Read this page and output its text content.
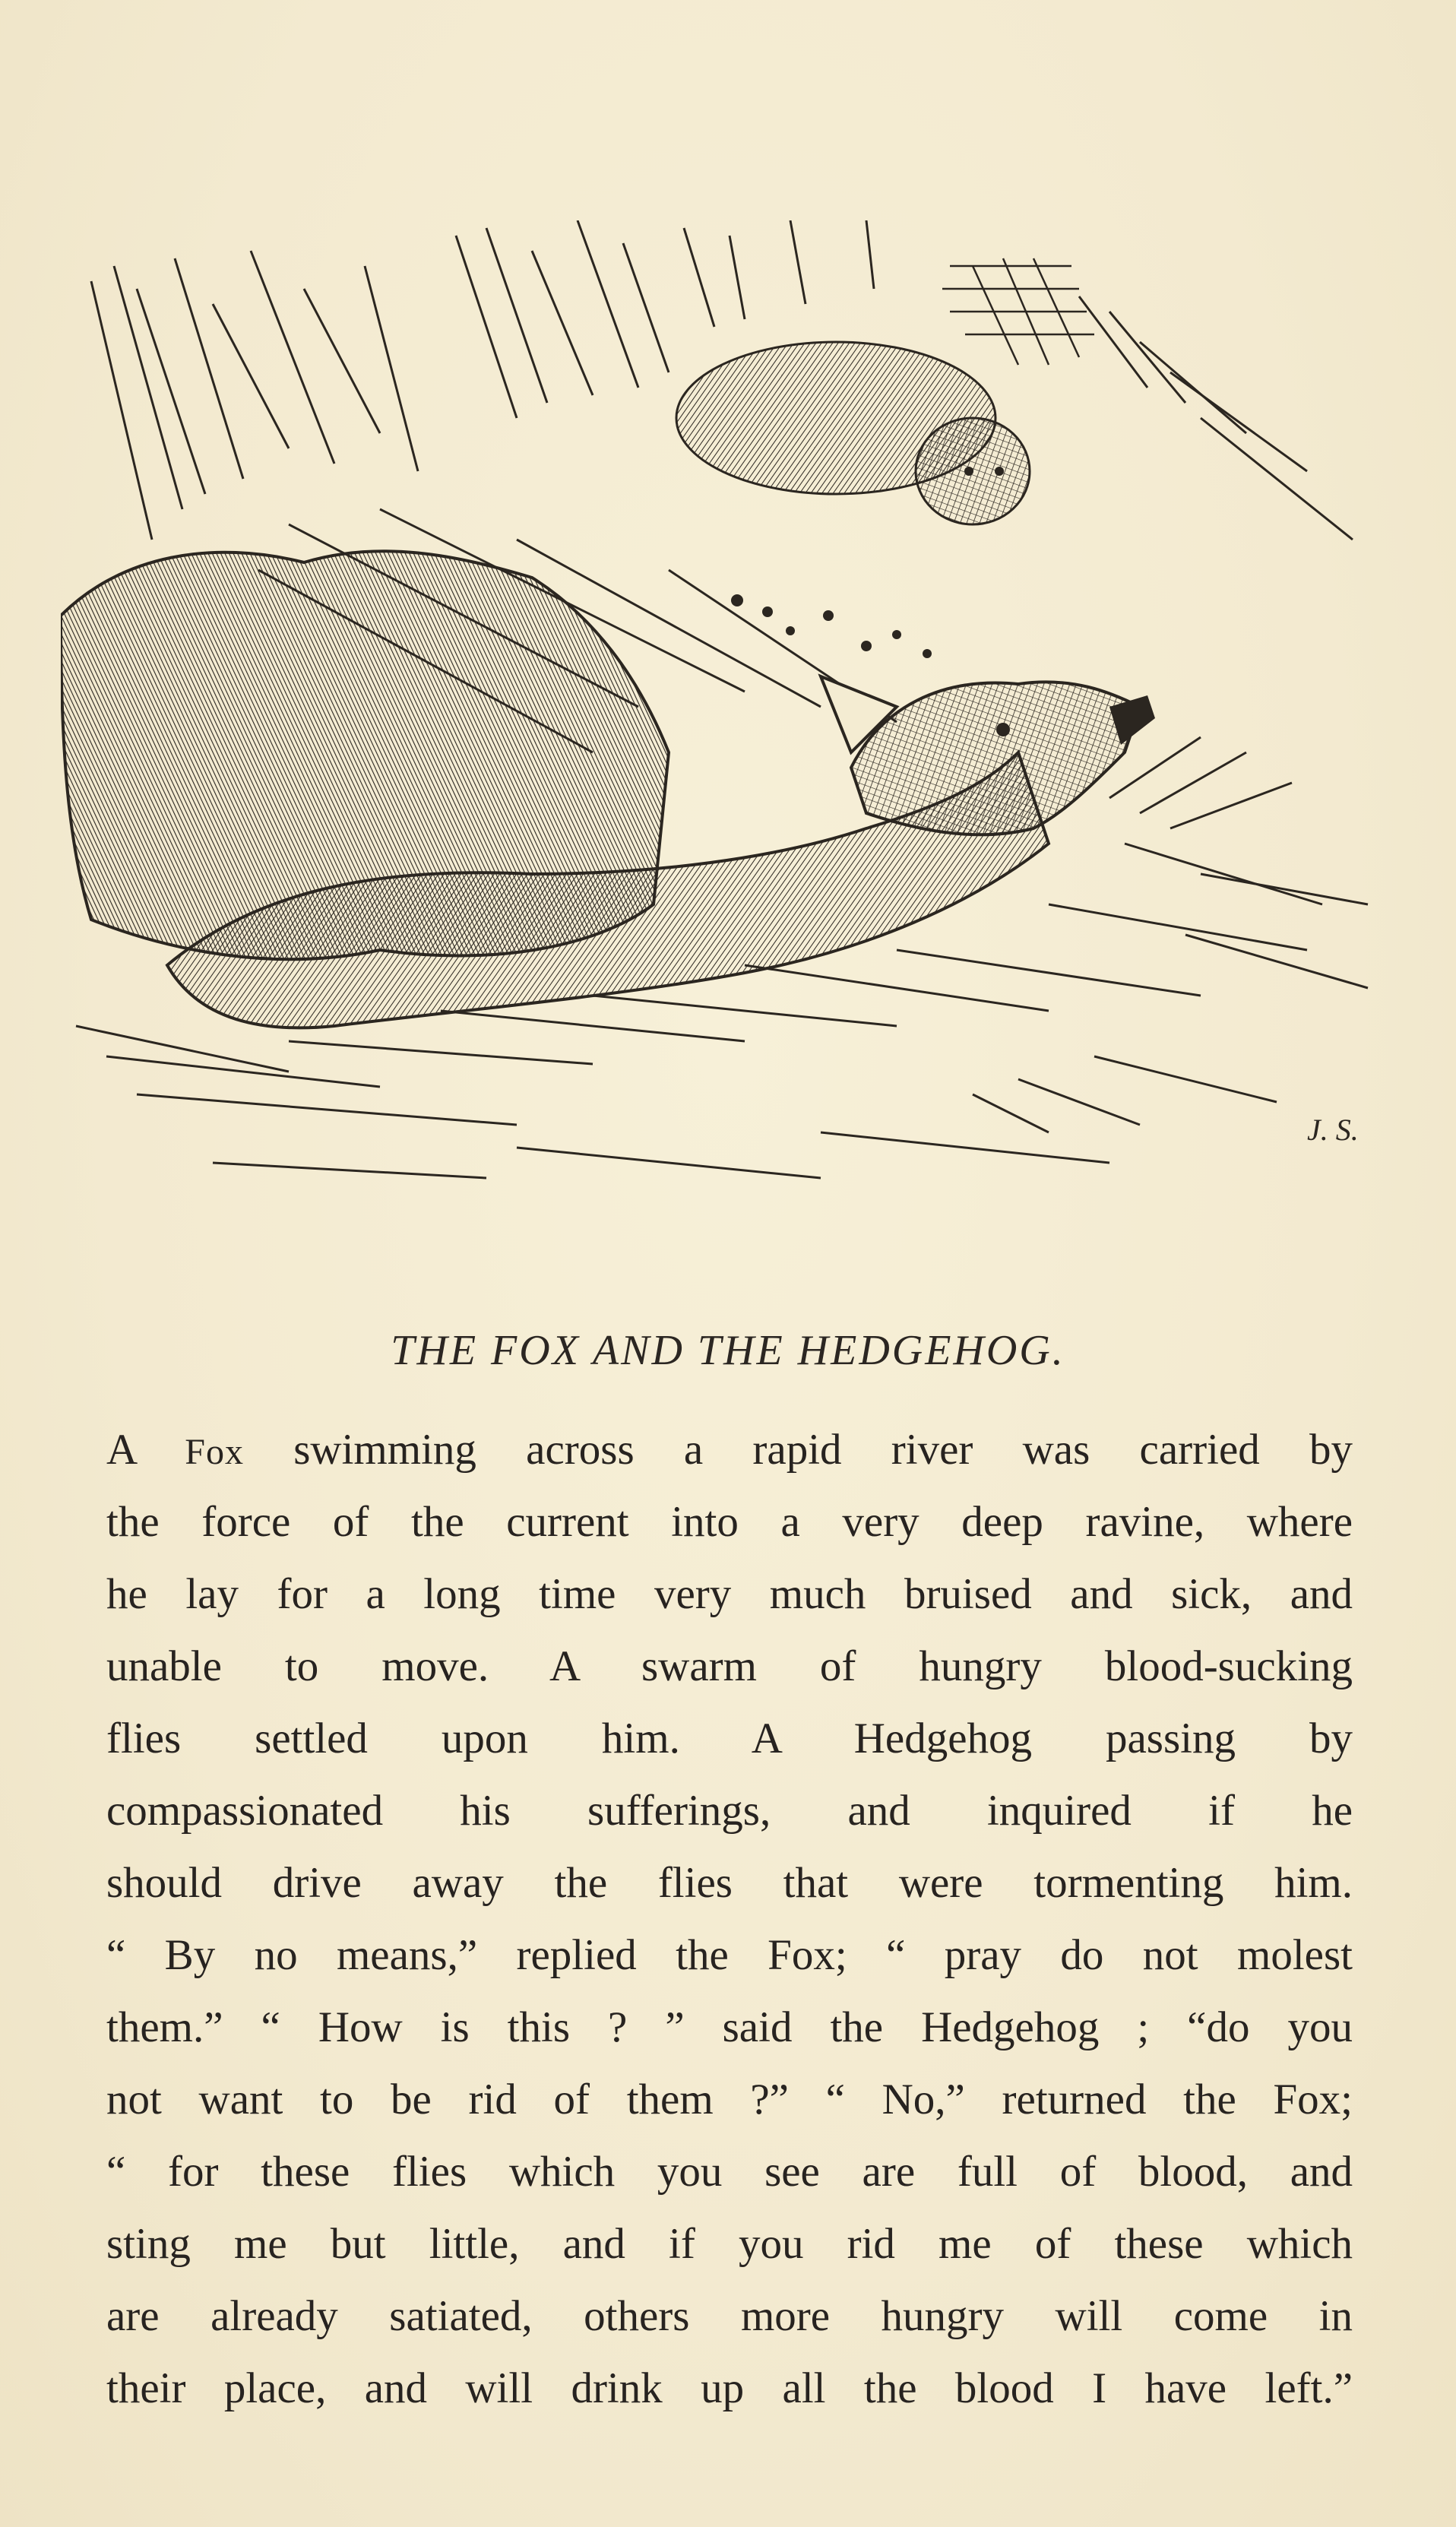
J. S.
THE FOX AND THE HEDGEHOG.
A Fox swimming across a rapid river was carried by
the force of the current into a very deep ravine, where
he lay for a long time very much bruised and sick, and
unable to move. A swarm of hungry blood-sucking
flies settled upon him. A Hedgehog passing by
compassionated his sufferings, and inquired if he
should drive away the flies that were tormenting him.
“ By no means,” replied the Fox; “ pray do not molest
them.” “ How is this ? ” said the Hedgehog ; “do you
not want to be rid of them ?” “ No,” returned the Fox;
“ for these flies which you see are full of blood, and
sting me but little, and if you rid me of these which
are already satiated, others more hungry will come in
their place, and will drink up all the blood I have left.”
